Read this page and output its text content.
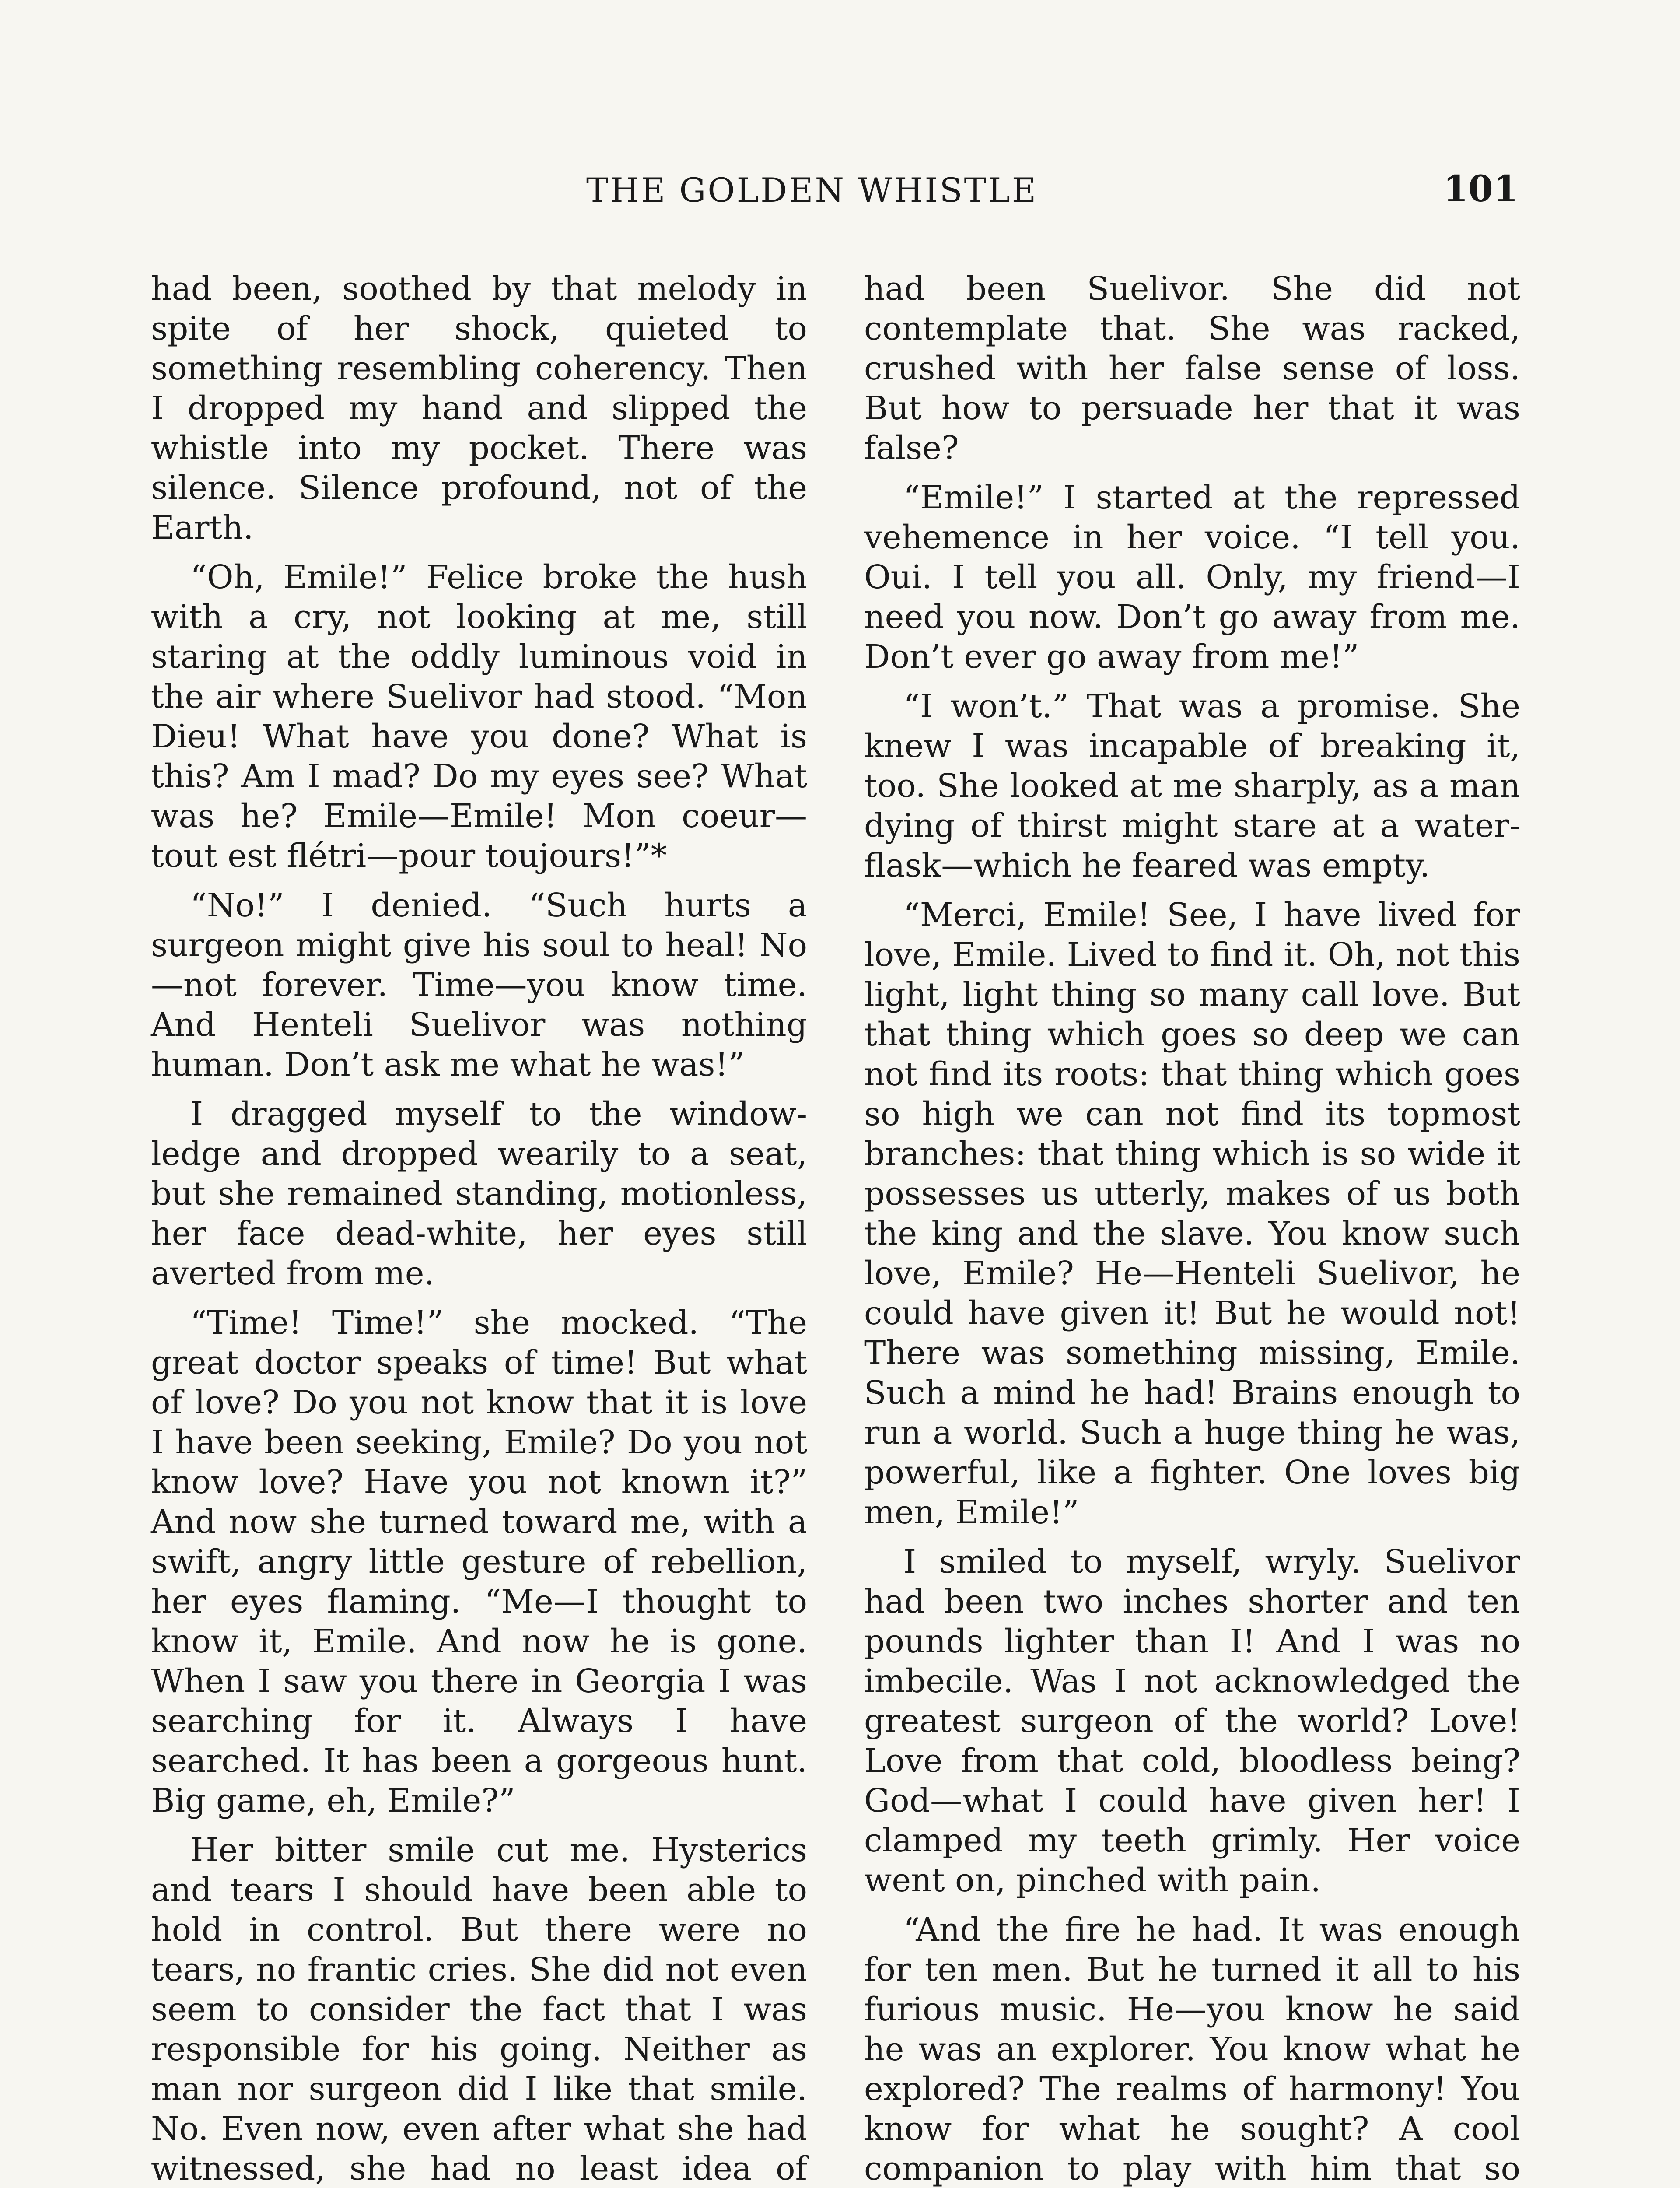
THE GOLDEN WHISTLE	101

had been, soothed by that melody in spite of her shock, quieted to something resembling coherency. Then I dropped my hand and slipped the whistle into my pocket. There was silence. Silence profound, not of the Earth.

“Oh, Emile!” Felice broke the hush with a cry, not looking at me, still staring at the oddly luminous void in the air where Suelivor had stood. “Mon Dieu! What have you done? What is this? Am I mad? Do my eyes see? What was he? Emile—Emile! Mon coeur—tout est flétri—pour toujours!”*

“No!” I denied. “Such hurts a surgeon might give his soul to heal! No—not forever. Time—you know time. And Henteli Suelivor was nothing human. Don’t ask me what he was!”

I dragged myself to the window-ledge and dropped wearily to a seat, but she remained standing, motionless, her face dead-white, her eyes still averted from me.

“Time! Time!” she mocked. “The great doctor speaks of time! But what of love? Do you not know that it is love I have been seeking, Emile? Do you not know love? Have you not known it?” And now she turned toward me, with a swift, angry little gesture of rebellion, her eyes flaming. “Me—I thought to know it, Emile. And now he is gone. When I saw you there in Georgia I was searching for it. Always I have searched. It has been a gorgeous hunt. Big game, eh, Emile?”

Her bitter smile cut me. Hysterics and tears I should have been able to hold in control. But there were no tears, no frantic cries. She did not even seem to consider the fact that I was responsible for his going. Neither as man nor surgeon did I like that smile. No. Even now, even after what she had witnessed, she had no least idea of

had been Suelivor. She did not contemplate that. She was racked, crushed with her false sense of loss. But how to persuade her that it was false?

“Emile!” I started at the repressed vehemence in her voice. “I tell you. Oui. I tell you all. Only, my friend—I need you now. Don’t go away from me. Don’t ever go away from me!”

“I won’t.” That was a promise. She knew I was incapable of breaking it, too. She looked at me sharply, as a man dying of thirst might stare at a water-flask—which he feared was empty.

“Merci, Emile! See, I have lived for love, Emile. Lived to find it. Oh, not this light, light thing so many call love. But that thing which goes so deep we can not find its roots: that thing which goes so high we can not find its topmost branches: that thing which is so wide it possesses us utterly, makes of us both the king and the slave. You know such love, Emile? He—Henteli Suelivor, he could have given it! But he would not! There was something missing, Emile. Such a mind he had! Brains enough to run a world. Such a huge thing he was, powerful, like a fighter. One loves big men, Emile!”

I smiled to myself, wryly. Suelivor had been two inches shorter and ten pounds lighter than I! And I was no imbecile. Was I not acknowledged the greatest surgeon of the world? Love! Love from that cold, bloodless being? God—what I could have given her! I clamped my teeth grimly. Her voice went on, pinched with pain.

“And the fire he had. It was enough for ten men. But he turned it all to his furious music. He—you know he said he was an explorer. You know what he explored? The realms of harmony! You know for what he sought? A cool companion to play with him that so
